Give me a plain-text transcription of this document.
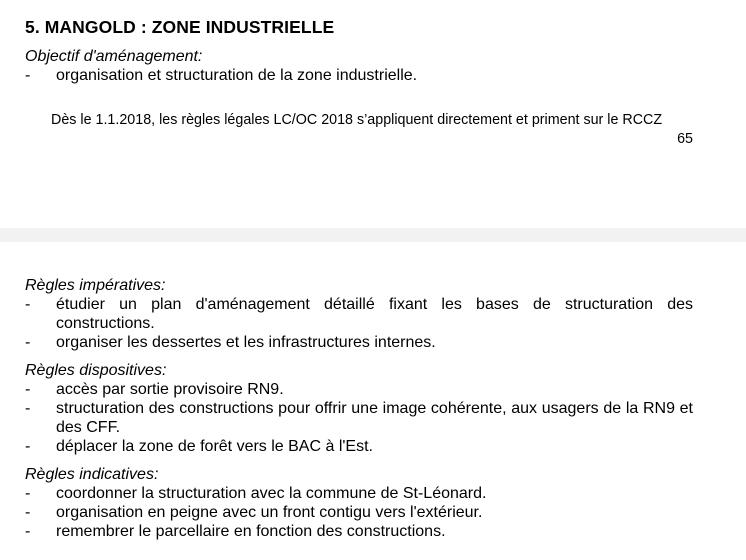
5. MANGOLD : ZONE INDUSTRIELLE
Objectif d'aménagement:
- organisation et structuration de la zone industrielle.
Dès le 1.1.2018, les règles légales LC/OC 2018 s’appliquent directement et priment sur le RCCZ
65
Règles impératives:
- étudier un plan d'aménagement détaillé fixant les bases de structuration des constructions.
- organiser les dessertes et les infrastructures internes.
Règles dispositives:
- accès par sortie provisoire RN9.
- structuration des constructions pour offrir une image cohérente, aux usagers de la RN9 et des CFF.
- déplacer la zone de forêt vers le BAC à l'Est.
Règles indicatives:
- coordonner la structuration avec la commune de St-Léonard.
- organisation en peigne avec un front contigu vers l'extérieur.
- remembrer le parcellaire en fonction des constructions.
